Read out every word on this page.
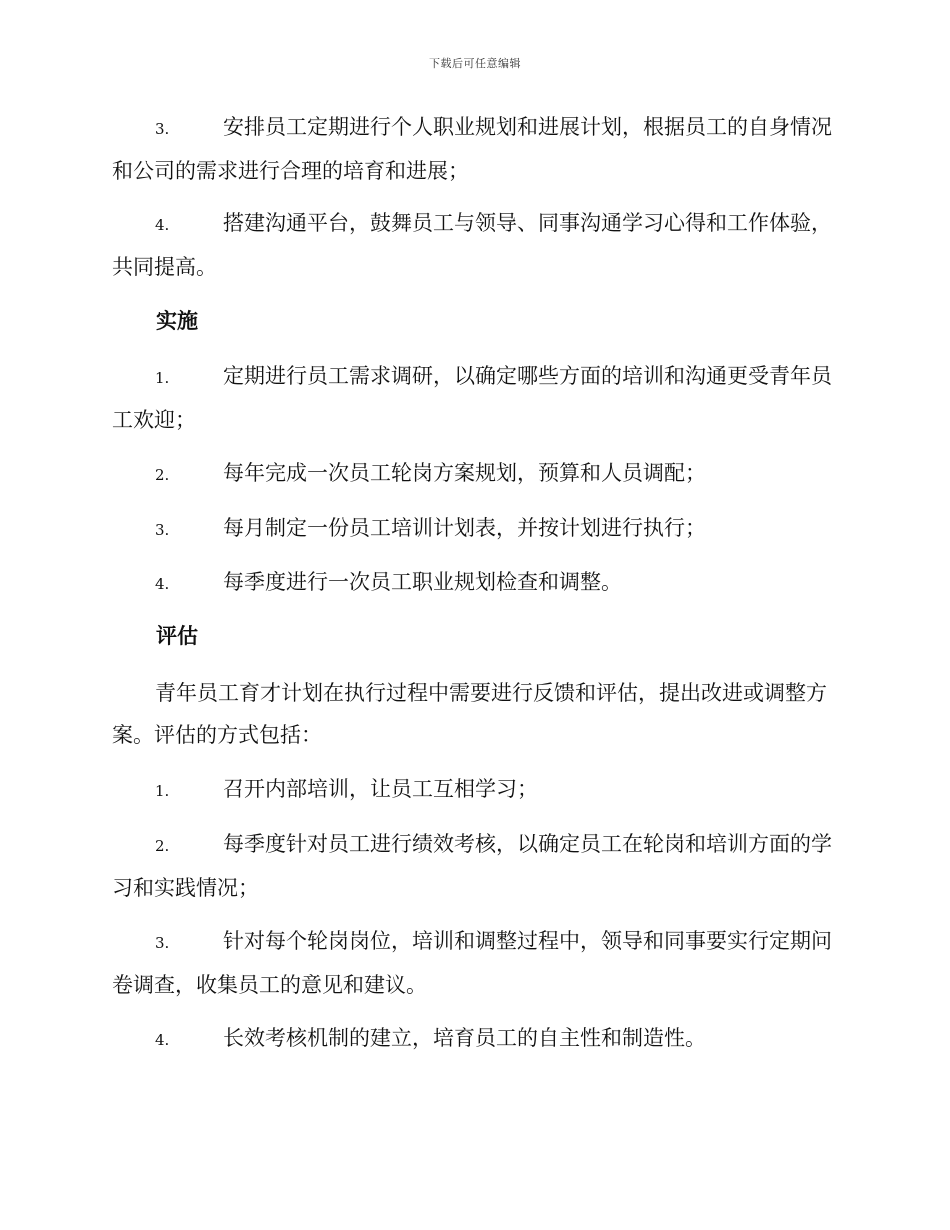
下载后可任意编辑
3.	安排员工定期进行个人职业规划和进展计划，根据员工的自身情况和公司的需求进行合理的培育和进展；
4.	搭建沟通平台，鼓舞员工与领导、同事沟通学习心得和工作体验，共同提高。
实施
1.	定期进行员工需求调研，以确定哪些方面的培训和沟通更受青年员工欢迎；
2.	每年完成一次员工轮岗方案规划，预算和人员调配；
3.	每月制定一份员工培训计划表，并按计划进行执行；
4.	每季度进行一次员工职业规划检查和调整。
评估
青年员工育才计划在执行过程中需要进行反馈和评估，提出改进或调整方案。评估的方式包括：
1.	召开内部培训，让员工互相学习；
2.	每季度针对员工进行绩效考核，以确定员工在轮岗和培训方面的学习和实践情况；
3.	针对每个轮岗岗位，培训和调整过程中，领导和同事要实行定期问卷调查，收集员工的意见和建议。
4.	长效考核机制的建立，培育员工的自主性和制造性。
